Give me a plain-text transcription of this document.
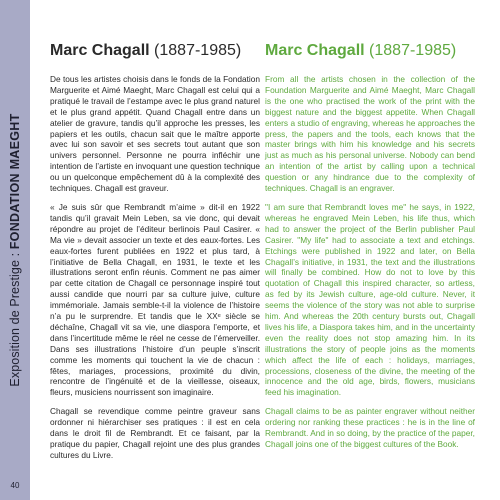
Exposition de Prestige : FONDATION MAEGHT
40
Marc Chagall (1887-1985)

De tous les artistes choisis dans le fonds de la Fondation Marguerite et Aimé Maeght, Marc Chagall est celui qui a pratiqué le travail de l’estampe avec le plus grand naturel et le plus grand appétit. Quand Chagall entre dans un atelier de gravure, tandis qu’il approche les presses, les papiers et les outils, chacun sait que le maître apporte avec lui son savoir et ses secrets tout autant que son univers personnel. Personne ne pourra infléchir une intention de l’artiste en invoquant une question technique ou un quelconque empêchement dû à la complexité des techniques. Chagall est graveur.

« Je suis sûr que Rembrandt m’aime » dit-il en 1922 tandis qu’il gravait Mein Leben, sa vie donc, qui devait répondre au projet de l’éditeur berlinois Paul Casirer. « Ma vie » devait associer un texte et des eaux-fortes. Les eaux-fortes furent publiées en 1922 et plus tard, à l’initiative de Bella Chagall, en 1931, le texte et les illustrations seront enfin réunis. Comment ne pas aimer par cette citation de Chagall ce personnage inspiré tout aussi candide que nourri par sa culture juive, culture immémoriale. Jamais semble-t-il la violence de l’histoire n’a pu le surprendre. Et tandis que le XXᵉ siècle se déchaîne, Chagall vit sa vie, une diaspora l’emporte, et dans l’incertitude même le réel ne cesse de l’émerveiller. Dans ses illustrations l’histoire d’un peuple s’inscrit comme les moments qui touchent la vie de chacun : fêtes, mariages, processions, proximité du divin, rencontre de l’ingénuité et de la vieillesse, oiseaux, fleurs, musiciens nourrissent son imaginaire.

Chagall se revendique comme peintre graveur sans ordonner ni hiérarchiser ses pratiques : il est en cela dans le droit fil de Rembrandt. Et ce faisant, par la pratique du papier, Chagall rejoint une des plus grandes cultures du Livre.

Marc Chagall (1887-1985)

From all the artists chosen in the collection of the Foundation Marguerite and Aimé Maeght, Marc Chagall is the one who practised the work of the print with the biggest nature and the biggest appetite. When Chagall enters a studio of engraving, whereas he approaches the press, the papers and the tools, each knows that the master brings with him his knowledge and his secrets just as much as his personal universe. Nobody can bend an intention of the artist by calling upon a technical question or any hindrance due to the complexity of techniques. Chagall is an engraver.

"I am sure that Rembrandt loves me" he says, in 1922, whereas he engraved Mein Leben, his life thus, which had to answer the project of the Berlin publisher Paul Casirer. "My life" had to associate a text and etchings. Etchings were published in 1922 and later, on Bella Chagall’s initiative, in 1931, the text and the illustrations will finally be combined. How do not to love by this quotation of Chagall this inspired character, so artless, as fed by its Jewish culture, age-old culture. Never, it seems the violence of the story was not able to surprise him. And whereas the 20th century bursts out, Chagall lives his life, a Diaspora takes him, and in the uncertainty even the reality does not stop amazing him. In its illustrations the story of people joins as the moments which affect the life of each : holidays, marriages, processions, closeness of the divine, the meeting of the innocence and the old age, birds, flowers, musicians feed his imagination.

Chagall claims to be as painter engraver without neither ordering nor ranking these practices : he is in the line of Rembrandt. And in so doing, by the practice of the paper, Chagall joins one of the biggest cultures of the Book.
